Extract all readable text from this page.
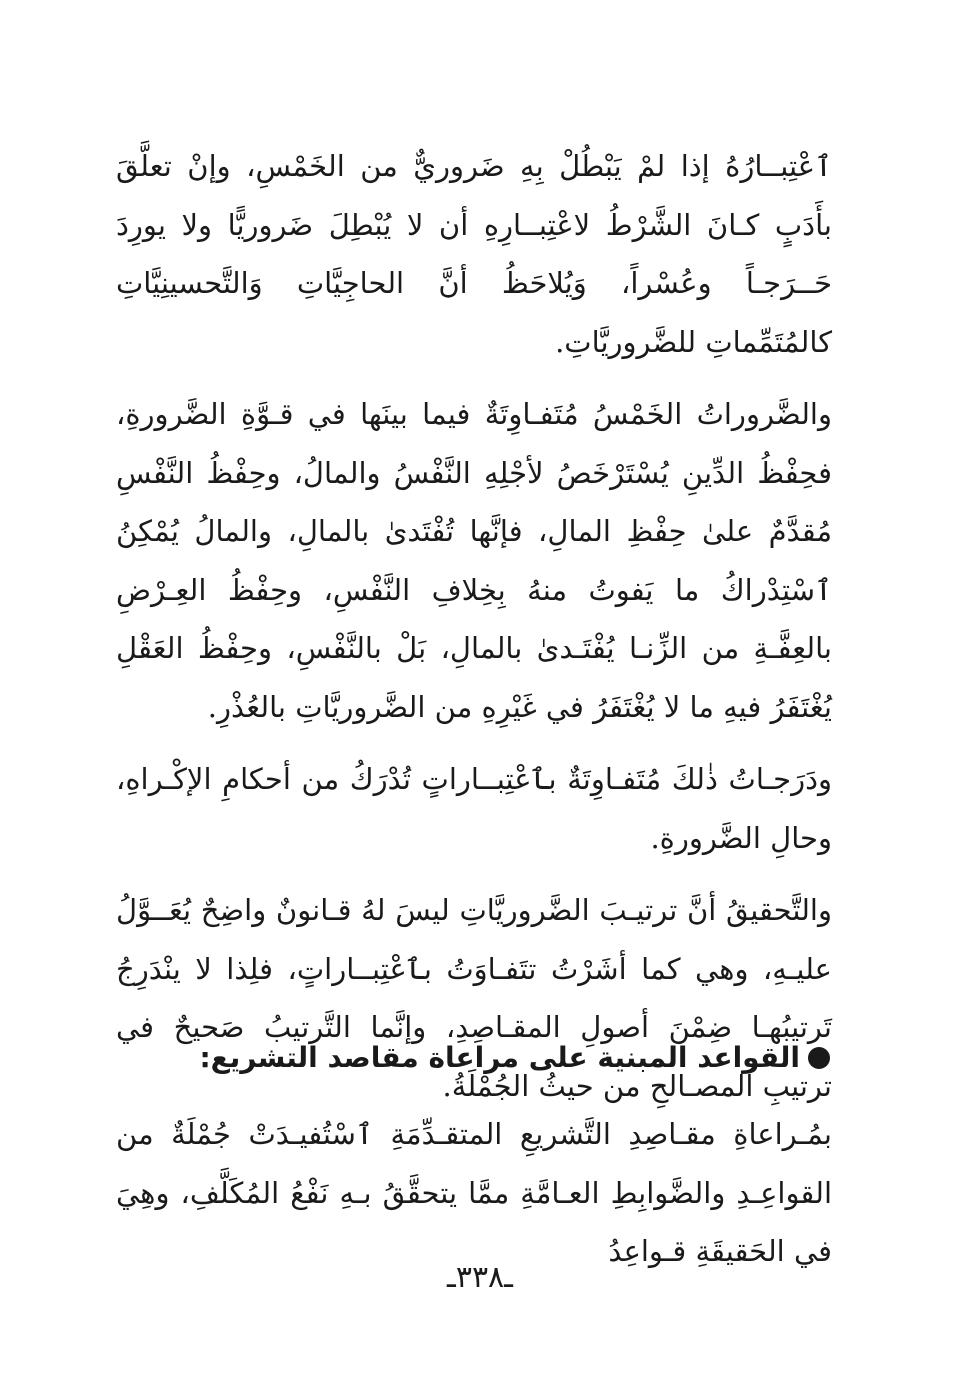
ٱعْتِبــارُهُ إذا لمْ يَبْطُلْ بِهِ ضَروريٌّ من الخَمْسِ، وإنْ تعلَّقَ بأَدَبٍ كـانَ الشَّرْطُ لاعْتِبــارِهِ أن لا يُبْطِلَ ضَروريًّا ولا يورِدَ حَــرَجـاً وعُسْراً، وَيُلاحَظُ أنَّ الحاجِيَّاتِ وَالتَّحسينِيَّاتِ كالمُتَمِّماتِ للضَّروريَّاتِ.

والضَّروراتُ الخَمْسُ مُتَفـاوِتَةٌ فيما بينَها في قـوَّةِ الضَّرورةِ، فحِفْظُ الدِّينِ يُسْتَرْخَصُ لأجْلِهِ النَّفْسُ والمالُ، وحِفْظُ النَّفْسِ مُقدَّمٌ علىٰ حِفْظِ المالِ، فإنَّها تُفْتَدىٰ بالمالِ، والمالُ يُمْكِنُ ٱسْتِدْراكُ ما يَفوتُ منهُ بِخِلافِ النَّفْسِ، وحِفْظُ العِـرْضِ بالعِفَّـةِ من الزِّنـا يُفْتَـدىٰ بالمالِ، بَلْ بالنَّفْسِ، وحِفْظُ العَقْلِ يُغْتَفَرُ فيهِ ما لا يُغْتَفَرُ في غَيْرِهِ من الضَّروريَّاتِ بالعُذْرِ.

ودَرَجـاتُ ذٰلكَ مُتَفـاوِتَةٌ بٱعْتِبــاراتٍ تُدْرَكُ من أحكامِ الإكْـراهِ، وحالِ الضَّرورةِ.

والتَّحقيقُ أنَّ ترتيـبَ الضَّروريَّاتِ ليسَ لهُ قـانونٌ واضِحٌ يُعَــوَّلُ عليـهِ، وهي كما أشَرْتُ تتَفـاوَتُ بٱعْتِبــاراتٍ، فلِذا لا ينْدَرِجُ تَرتيبُهـا ضِمْنَ أصولِ المقـاصِدِ، وإنَّما التَّرتيبُ صَحيحٌ في ترتيبِ المصـالحِ من حيثُ الجُمْلَةُ.

القواعد المبنية على مراعاة مقاصد التشريع:

بمُـراعاةِ مقـاصِدِ التَّشريعِ المتقـدِّمَةِ ٱسْتُفيـدَتْ جُمْلَةٌ من القواعِـدِ والضَّوابِطِ العـامَّةِ ممَّا يتحقَّقُ بـهِ نَفْعُ المُكَلَّفِ، وهِيَ في الحَقيقَةِ قـواعِدُ

ـ٣٣٨ـ
